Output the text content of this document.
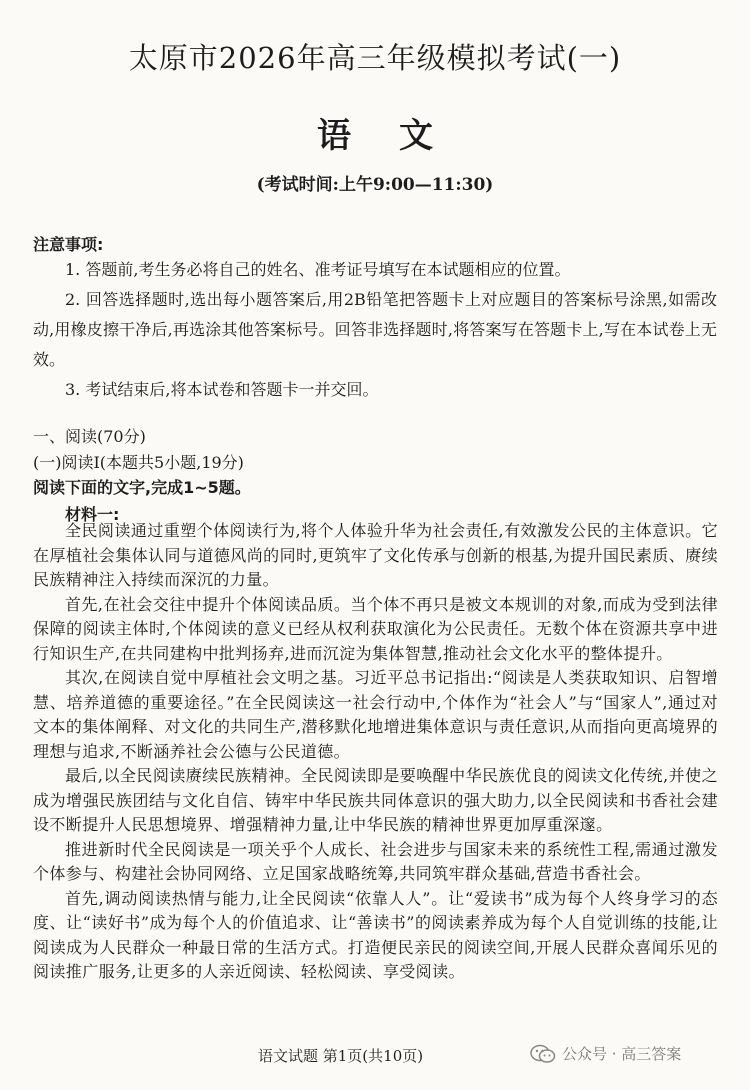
太原市2026年高三年级模拟考试(一)
语文
(考试时间:上午9:00—11:30)
注意事项:

1. 答题前,考生务必将自己的姓名、准考证号填写在本试题相应的位置。

2. 回答选择题时,选出每小题答案后,用2B铅笔把答题卡上对应题目的答案标号涂黑,如需改动,用橡皮擦干净后,再选涂其他答案标号。回答非选择题时,将答案写在答题卡上,写在本试卷上无效。

3. 考试结束后,将本试卷和答题卡一并交回。

一、阅读(70分)
(一)阅读Ⅰ(本题共5小题,19分)
阅读下面的文字,完成1~5题。
材料一:

全民阅读通过重塑个体阅读行为,将个人体验升华为社会责任,有效激发公民的主体意识。它在厚植社会集体认同与道德风尚的同时,更筑牢了文化传承与创新的根基,为提升国民素质、赓续民族精神注入持续而深沉的力量。

首先,在社会交往中提升个体阅读品质。当个体不再只是被文本规训的对象,而成为受到法律保障的阅读主体时,个体阅读的意义已经从权利获取演化为公民责任。无数个体在资源共享中进行知识生产,在共同建构中批判扬弃,进而沉淀为集体智慧,推动社会文化水平的整体提升。

其次,在阅读自觉中厚植社会文明之基。习近平总书记指出:“阅读是人类获取知识、启智增慧、培养道德的重要途径。”在全民阅读这一社会行动中,个体作为“社会人”与“国家人”,通过对文本的集体阐释、对文化的共同生产,潜移默化地增进集体意识与责任意识,从而指向更高境界的理想与追求,不断涵养社会公德与公民道德。

最后,以全民阅读赓续民族精神。全民阅读即是要唤醒中华民族优良的阅读文化传统,并使之成为增强民族团结与文化自信、铸牢中华民族共同体意识的强大助力,以全民阅读和书香社会建设不断提升人民思想境界、增强精神力量,让中华民族的精神世界更加厚重深邃。

推进新时代全民阅读是一项关乎个人成长、社会进步与国家未来的系统性工程,需通过激发个体参与、构建社会协同网络、立足国家战略统筹,共同筑牢群众基础,营造书香社会。

首先,调动阅读热情与能力,让全民阅读“依靠人人”。让“爱读书”成为每个人终身学习的态度、让“读好书”成为每个人的价值追求、让“善读书”的阅读素养成为每个人自觉训练的技能,让阅读成为人民群众一种最日常的生活方式。打造便民亲民的阅读空间,开展人民群众喜闻乐见的阅读推广服务,让更多的人亲近阅读、轻松阅读、享受阅读。

语文试题 第1页(共10页)	公众号 · 高三答案
